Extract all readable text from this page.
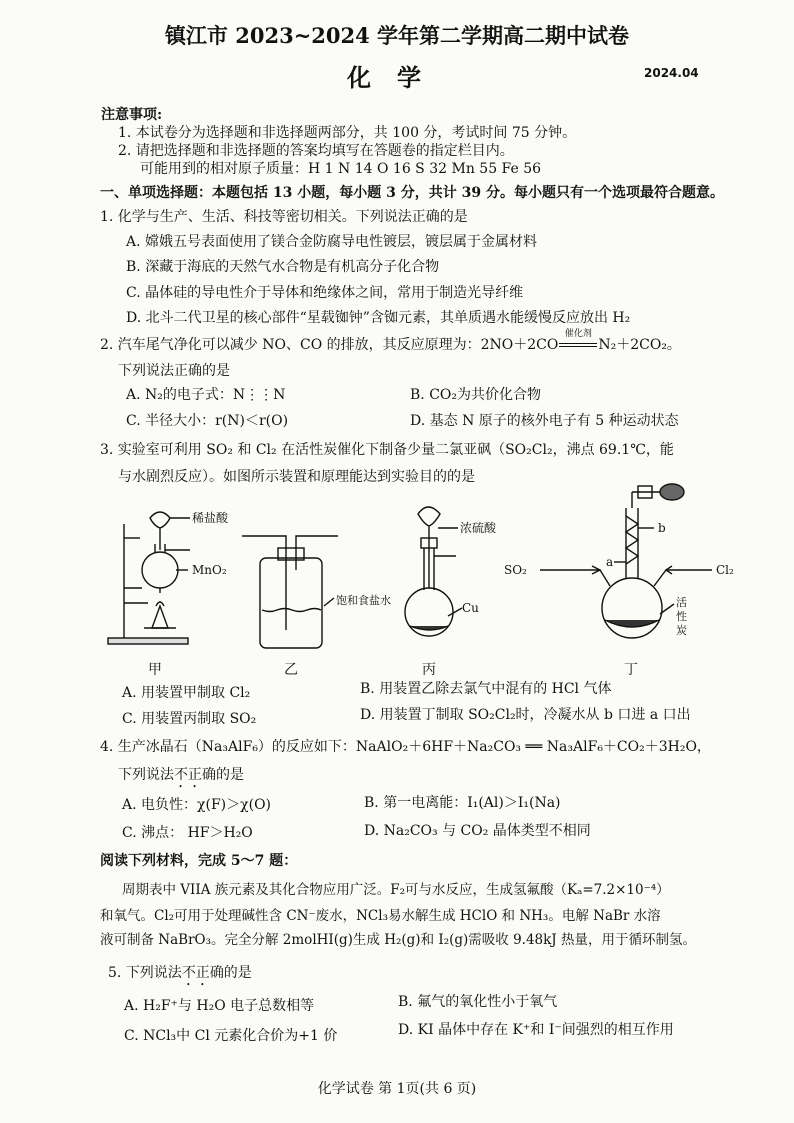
镇江市 2023~2024 学年第二学期高二期中试卷
化学	2024.04
注意事项:
1. 本试卷分为选择题和非选择题两部分，共 100 分，考试时间 75 分钟。
2. 请把选择题和非选择题的答案均填写在答题卷的指定栏目内。
可能用到的相对原子质量：H 1 N 14 O 16 S 32 Mn 55 Fe 56
一、单项选择题：本题包括 13 小题，每小题 3 分，共计 39 分。每小题只有一个选项最符合题意。
1. 化学与生产、生活、科技等密切相关。下列说法正确的是
A. 嫦娥五号表面使用了镁合金防腐导电性镀层，镀层属于金属材料
B. 深藏于海底的天然气水合物是有机高分子化合物
C. 晶体硅的导电性介于导体和绝缘体之间，常用于制造光导纤维
D. 北斗二代卫星的核心部件“星载铷钟”含铷元素，其单质遇水能缓慢反应放出 H₂
2. 汽车尾气净化可以减少 NO、CO 的排放，其反应原理为：2NO＋2CO
催化剂
N₂＋2CO₂。
下列说法正确的是
A. N₂的电子式：N⋮⋮N	B. CO₂为共价化合物
C. 半径大小：r(N)＜r(O)	D. 基态 N 原子的核外电子有 5 种运动状态
3. 实验室可利用 SO₂ 和 Cl₂ 在活性炭催化下制备少量二氯亚砜（SO₂Cl₂，沸点 69.1℃，能
与水剧烈反应）。如图所示装置和原理能达到实验目的的是
稀盐酸
MnO₂
饱和食盐水
浓硫酸
Cu
SO₂	Cl₂
a
b
活
性
炭
甲	乙	丙	丁
A. 用装置甲制取 Cl₂	B. 用装置乙除去氯气中混有的 HCl 气体
C. 用装置丙制取 SO₂	D. 用装置丁制取 SO₂Cl₂时，冷凝水从 b 口进 a 口出
4. 生产冰晶石（Na₃AlF₆）的反应如下：NaAlO₂＋6HF＋Na₂CO₃ ══ Na₃AlF₆＋CO₂＋3H₂O，
下列说法不正确的是
A. 电负性：χ(F)＞χ(O)	B. 第一电离能：I₁(Al)＞I₁(Na)
C. 沸点： HF＞H₂O	D. Na₂CO₃ 与 CO₂ 晶体类型不相同
阅读下列材料，完成 5～7 题：
周期表中 VIIA 族元素及其化合物应用广泛。F₂可与水反应，生成氢氟酸（Kₐ=7.2×10⁻⁴）
和氧气。Cl₂可用于处理碱性含 CN⁻废水，NCl₃易水解生成 HClO 和 NH₃。电解 NaBr 水溶
液可制备 NaBrO₃。完全分解 2molHI(g)生成 H₂(g)和 I₂(g)需吸收 9.48kJ 热量，用于循环制氢。
5. 下列说法不正确的是
A. H₂F⁺与 H₂O 电子总数相等	B. 氟气的氧化性小于氧气
C. NCl₃中 Cl 元素化合价为+1 价	D. KI 晶体中存在 K⁺和 I⁻间强烈的相互作用
化学试卷 第 1页(共 6 页)
